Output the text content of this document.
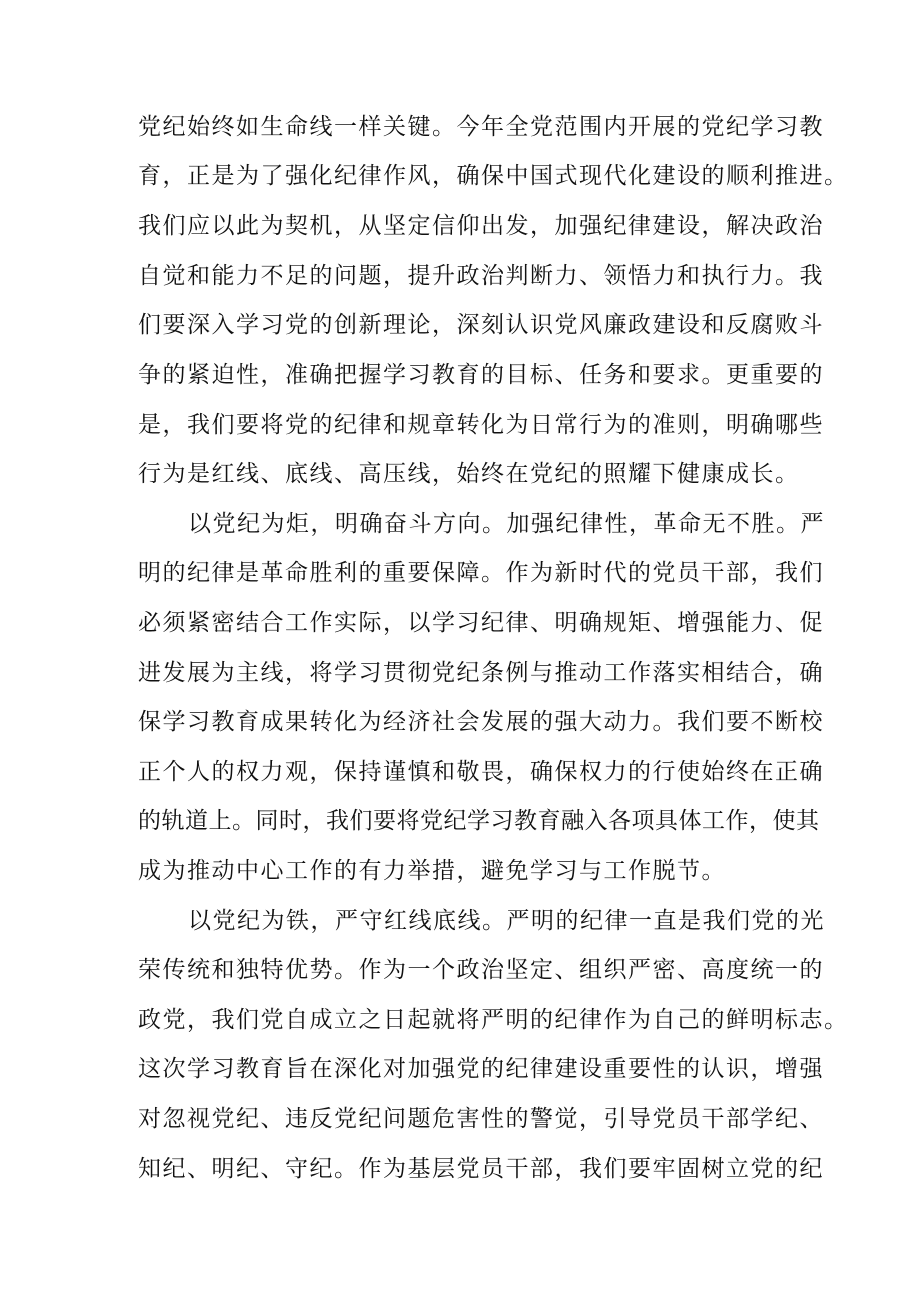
党纪始终如生命线一样关键。今年全党范围内开展的党纪学习教

育，正是为了强化纪律作风，确保中国式现代化建设的顺利推进。

我们应以此为契机，从坚定信仰出发，加强纪律建设，解决政治

自觉和能力不足的问题，提升政治判断力、领悟力和执行力。我

们要深入学习党的创新理论，深刻认识党风廉政建设和反腐败斗

争的紧迫性，准确把握学习教育的目标、任务和要求。更重要的

是，我们要将党的纪律和规章转化为日常行为的准则，明确哪些

行为是红线、底线、高压线，始终在党纪的照耀下健康成长。

以党纪为炬，明确奋斗方向。加强纪律性，革命无不胜。严

明的纪律是革命胜利的重要保障。作为新时代的党员干部，我们

必须紧密结合工作实际，以学习纪律、明确规矩、增强能力、促

进发展为主线，将学习贯彻党纪条例与推动工作落实相结合，确

保学习教育成果转化为经济社会发展的强大动力。我们要不断校

正个人的权力观，保持谨慎和敬畏，确保权力的行使始终在正确

的轨道上。同时，我们要将党纪学习教育融入各项具体工作，使其

成为推动中心工作的有力举措，避免学习与工作脱节。

以党纪为铁，严守红线底线。严明的纪律一直是我们党的光

荣传统和独特优势。作为一个政治坚定、组织严密、高度统一的

政党，我们党自成立之日起就将严明的纪律作为自己的鲜明标志。

这次学习教育旨在深化对加强党的纪律建设重要性的认识，增强

对忽视党纪、违反党纪问题危害性的警觉，引导党员干部学纪、

知纪、明纪、守纪。作为基层党员干部，我们要牢固树立党的纪
